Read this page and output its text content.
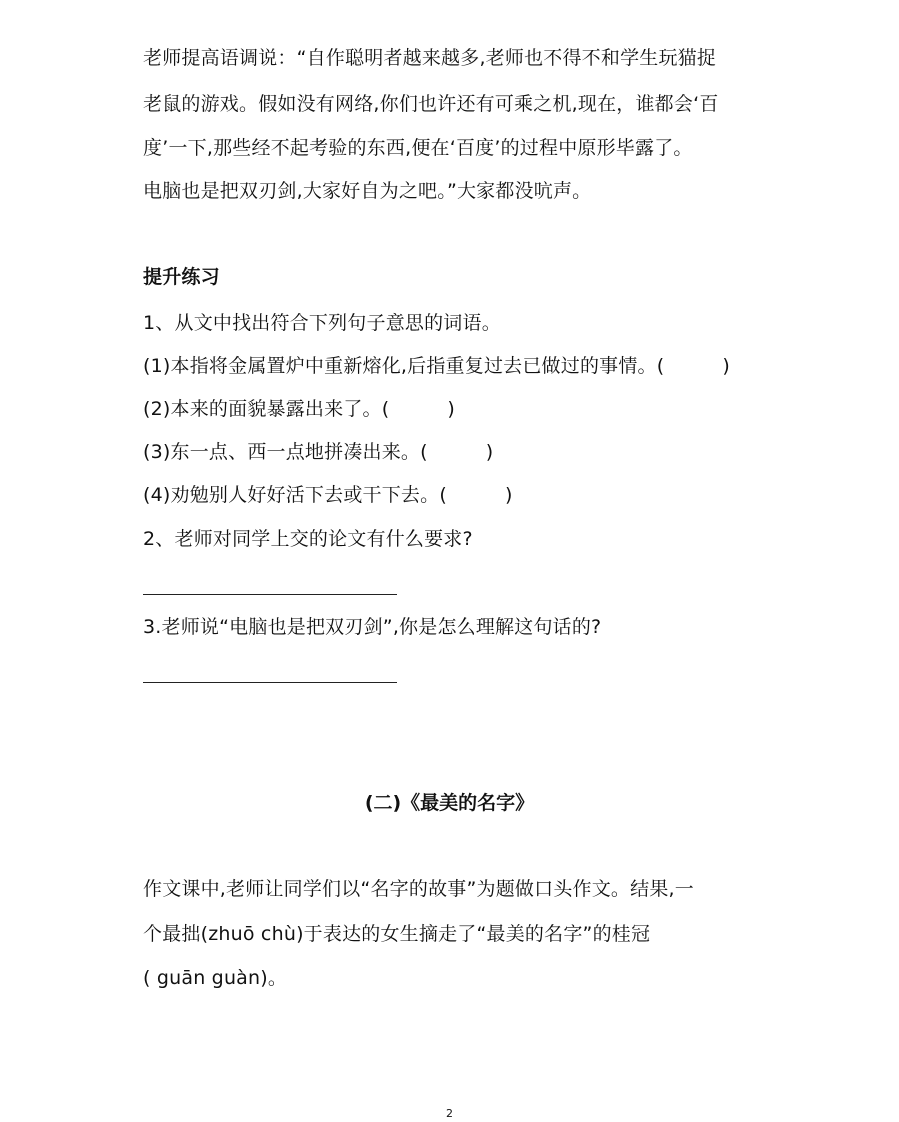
老师提高语调说：“自作聪明者越来越多,老师也不得不和学生玩猫捉
老鼠的游戏。假如没有网络,你们也许还有可乘之机,现在，谁都会‘百
度’一下,那些经不起考验的东西,便在‘百度’的过程中原形毕露了。
电脑也是把双刃剑,大家好自为之吧。”大家都没吭声。
提升练习
1、从文中找出符合下列句子意思的词语。
(1)本指将金属置炉中重新熔化,后指重复过去已做过的事情。(	)
(2)本来的面貌暴露出来了。(	)
(3)东一点、西一点地拼凑出来。(	)
(4)劝勉别人好好活下去或干下去。(	)
2、老师对同学上交的论文有什么要求?
3.老师说“电脑也是把双刃剑”,你是怎么理解这句话的?
(二)《最美的名字》
作文课中,老师让同学们以“名字的故事”为题做口头作文。结果,一
个最拙(zhuō chù)于表达的女生摘走了“最美的名字”的桂冠
( guān guàn)。
2
